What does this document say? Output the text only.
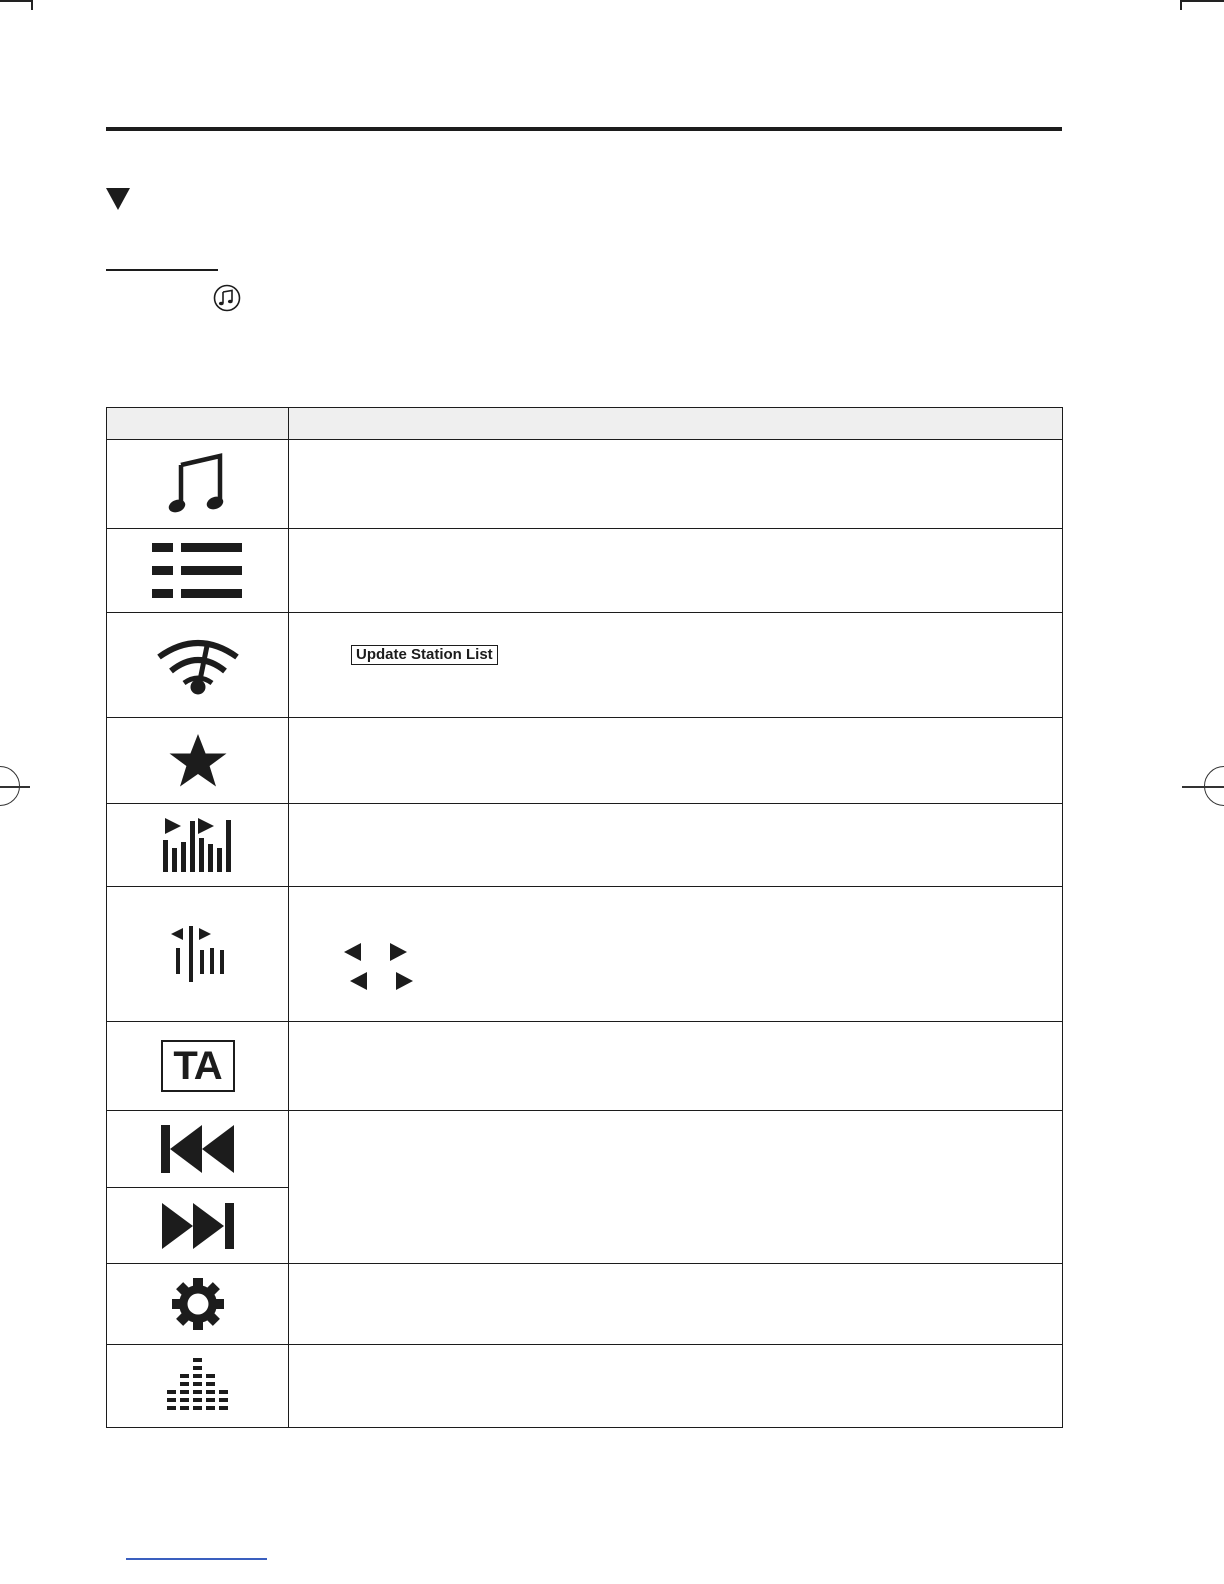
Update Station List

TA	
